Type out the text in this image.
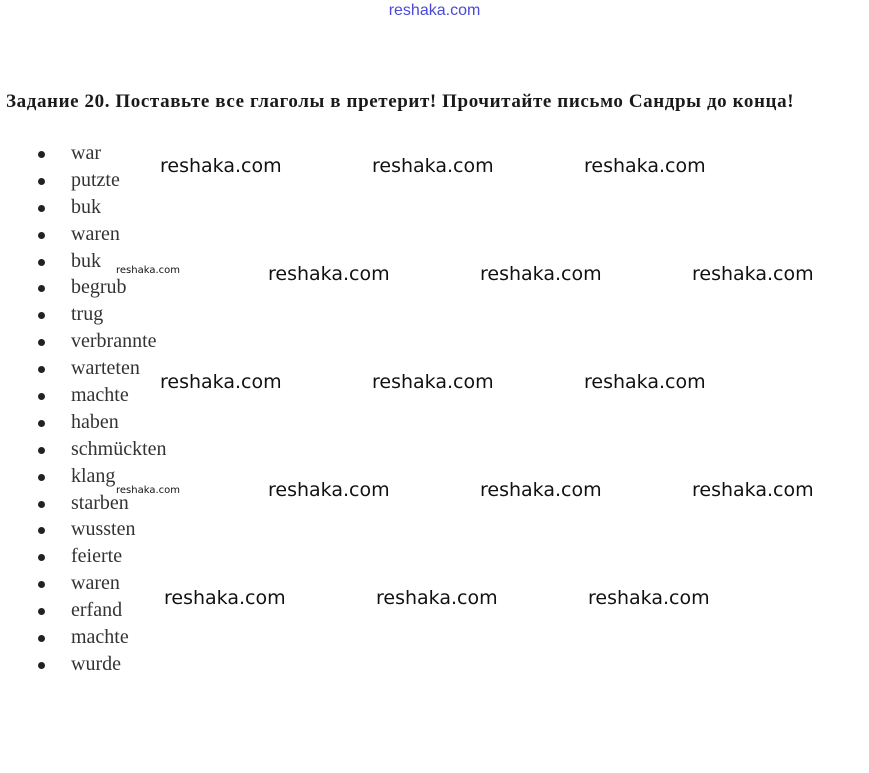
reshaka.com
Задание 20. Поставьте все глаголы в претерит! Прочитайте письмо Сандры до конца!
war
putzte
buk
waren
buk
begrub
trug
verbrannte
warteten
machte
haben
schmückten
klang
starben
wussten
feierte
waren
erfand
machte
wurde
reshaka.com	reshaka.com	reshaka.com
reshaka.com	reshaka.com	reshaka.com	reshaka.com
reshaka.com	reshaka.com	reshaka.com
reshaka.com	reshaka.com	reshaka.com	reshaka.com
reshaka.com	reshaka.com	reshaka.com
